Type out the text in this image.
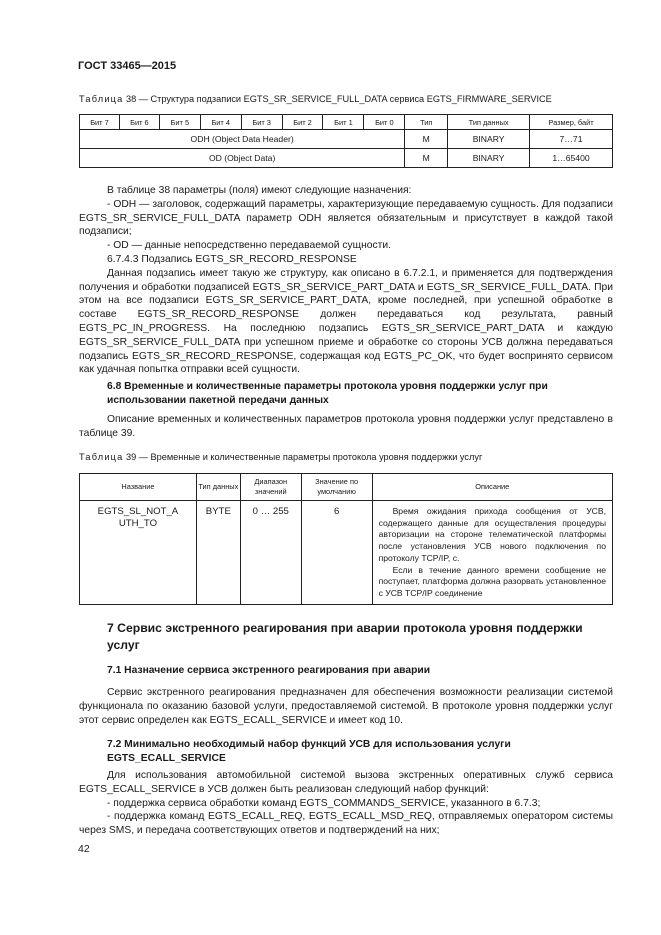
ГОСТ 33465—2015
Таблица 38 — Структура подзаписи EGTS_SR_SERVICE_FULL_DATA сервиса EGTS_FIRMWARE_SERVICE
Бит 7	Бит 6	Бит 5	Бит 4	Бит 3	Бит 2	Бит 1	Бит 0	Тип	Тип данных	Размер, байт
ODH (Object Data Header)								M	BINARY	7…71
OD (Object Data)								M	BINARY	1…65400

В таблице 38 параметры (поля) имеют следующие назначения:

- ODH — заголовок, содержащий параметры, характеризующие передаваемую сущность. Для подзаписи EGTS_SR_SERVICE_FULL_DATA параметр ODH является обязательным и присутствует в каждой такой подзаписи;

- OD — данные непосредственно передаваемой сущности.

6.7.4.3 Подзапись EGTS_SR_RECORD_RESPONSE

Данная подзапись имеет такую же структуру, как описано в 6.7.2.1, и применяется для подтверждения получения и обработки подзаписей EGTS_SR_SERVICE_PART_DATA и EGTS_SR_SERVICE_FULL_DATA. При этом на все подзаписи EGTS_SR_SERVICE_PART_DATA, кроме последней, при успешной обработке в составе EGTS_SR_RECORD_RESPONSE должен передаваться код результата, равный EGTS_PC_IN_PROGRESS. На последнюю подзапись EGTS_SR_SERVICE_PART_DATA и каждую EGTS_SR_SERVICE_FULL_DATA при успешном приеме и обработке со стороны УСВ должна передаваться подзапись EGTS_SR_RECORD_RESPONSE, содержащая код EGTS_PC_OK, что будет воспринято сервисом как удачная попытка отправки всей сущности.

6.8 Временные и количественные параметры протокола уровня поддержки услуг при использовании пакетной передачи данных

Описание временных и количественных параметров протокола уровня поддержки услуг представлено в таблице 39.

Таблица 39 — Временные и количественные параметры протокола уровня поддержки услуг
Название	Тип данных	Диапазон значений	Значение по умолчанию	Описание

EGTS_SL_NOT_AUTH_TO	BYTE	0 … 255	6	Время ожидания прихода сообщения от УСВ, содержащего данные для осуществления процедуры авторизации на стороне телематической платформы после установления УСВ нового подключения по протоколу TCP/IP, с.
Если в течение данного времени сообщение не поступает, платформа должна разорвать установленное с УСВ TCP/IP соединение
7 Сервис экстренного реагирования при аварии протокола уровня поддержки услуг
7.1 Назначение сервиса экстренного реагирования при аварии

Сервис экстренного реагирования предназначен для обеспечения возможности реализации системой функционала по оказанию базовой услуги, предоставляемой системой. В протоколе уровня поддержки услуг этот сервис определен как EGTS_ECALL_SERVICE и имеет код 10.

7.2 Минимально необходимый набор функций УСВ для использования услуги EGTS_ECALL_SERVICE

Для использования автомобильной системой вызова экстренных оперативных служб сервиса EGTS_ECALL_SERVICE в УСВ должен быть реализован следующий набор функций:

- поддержка сервиса обработки команд EGTS_COMMANDS_SERVICE, указанного в 6.7.3;

- поддержка команд EGTS_ECALL_REQ, EGTS_ECALL_MSD_REQ, отправляемых оператором системы через SMS, и передача соответствующих ответов и подтверждений на них;

42
